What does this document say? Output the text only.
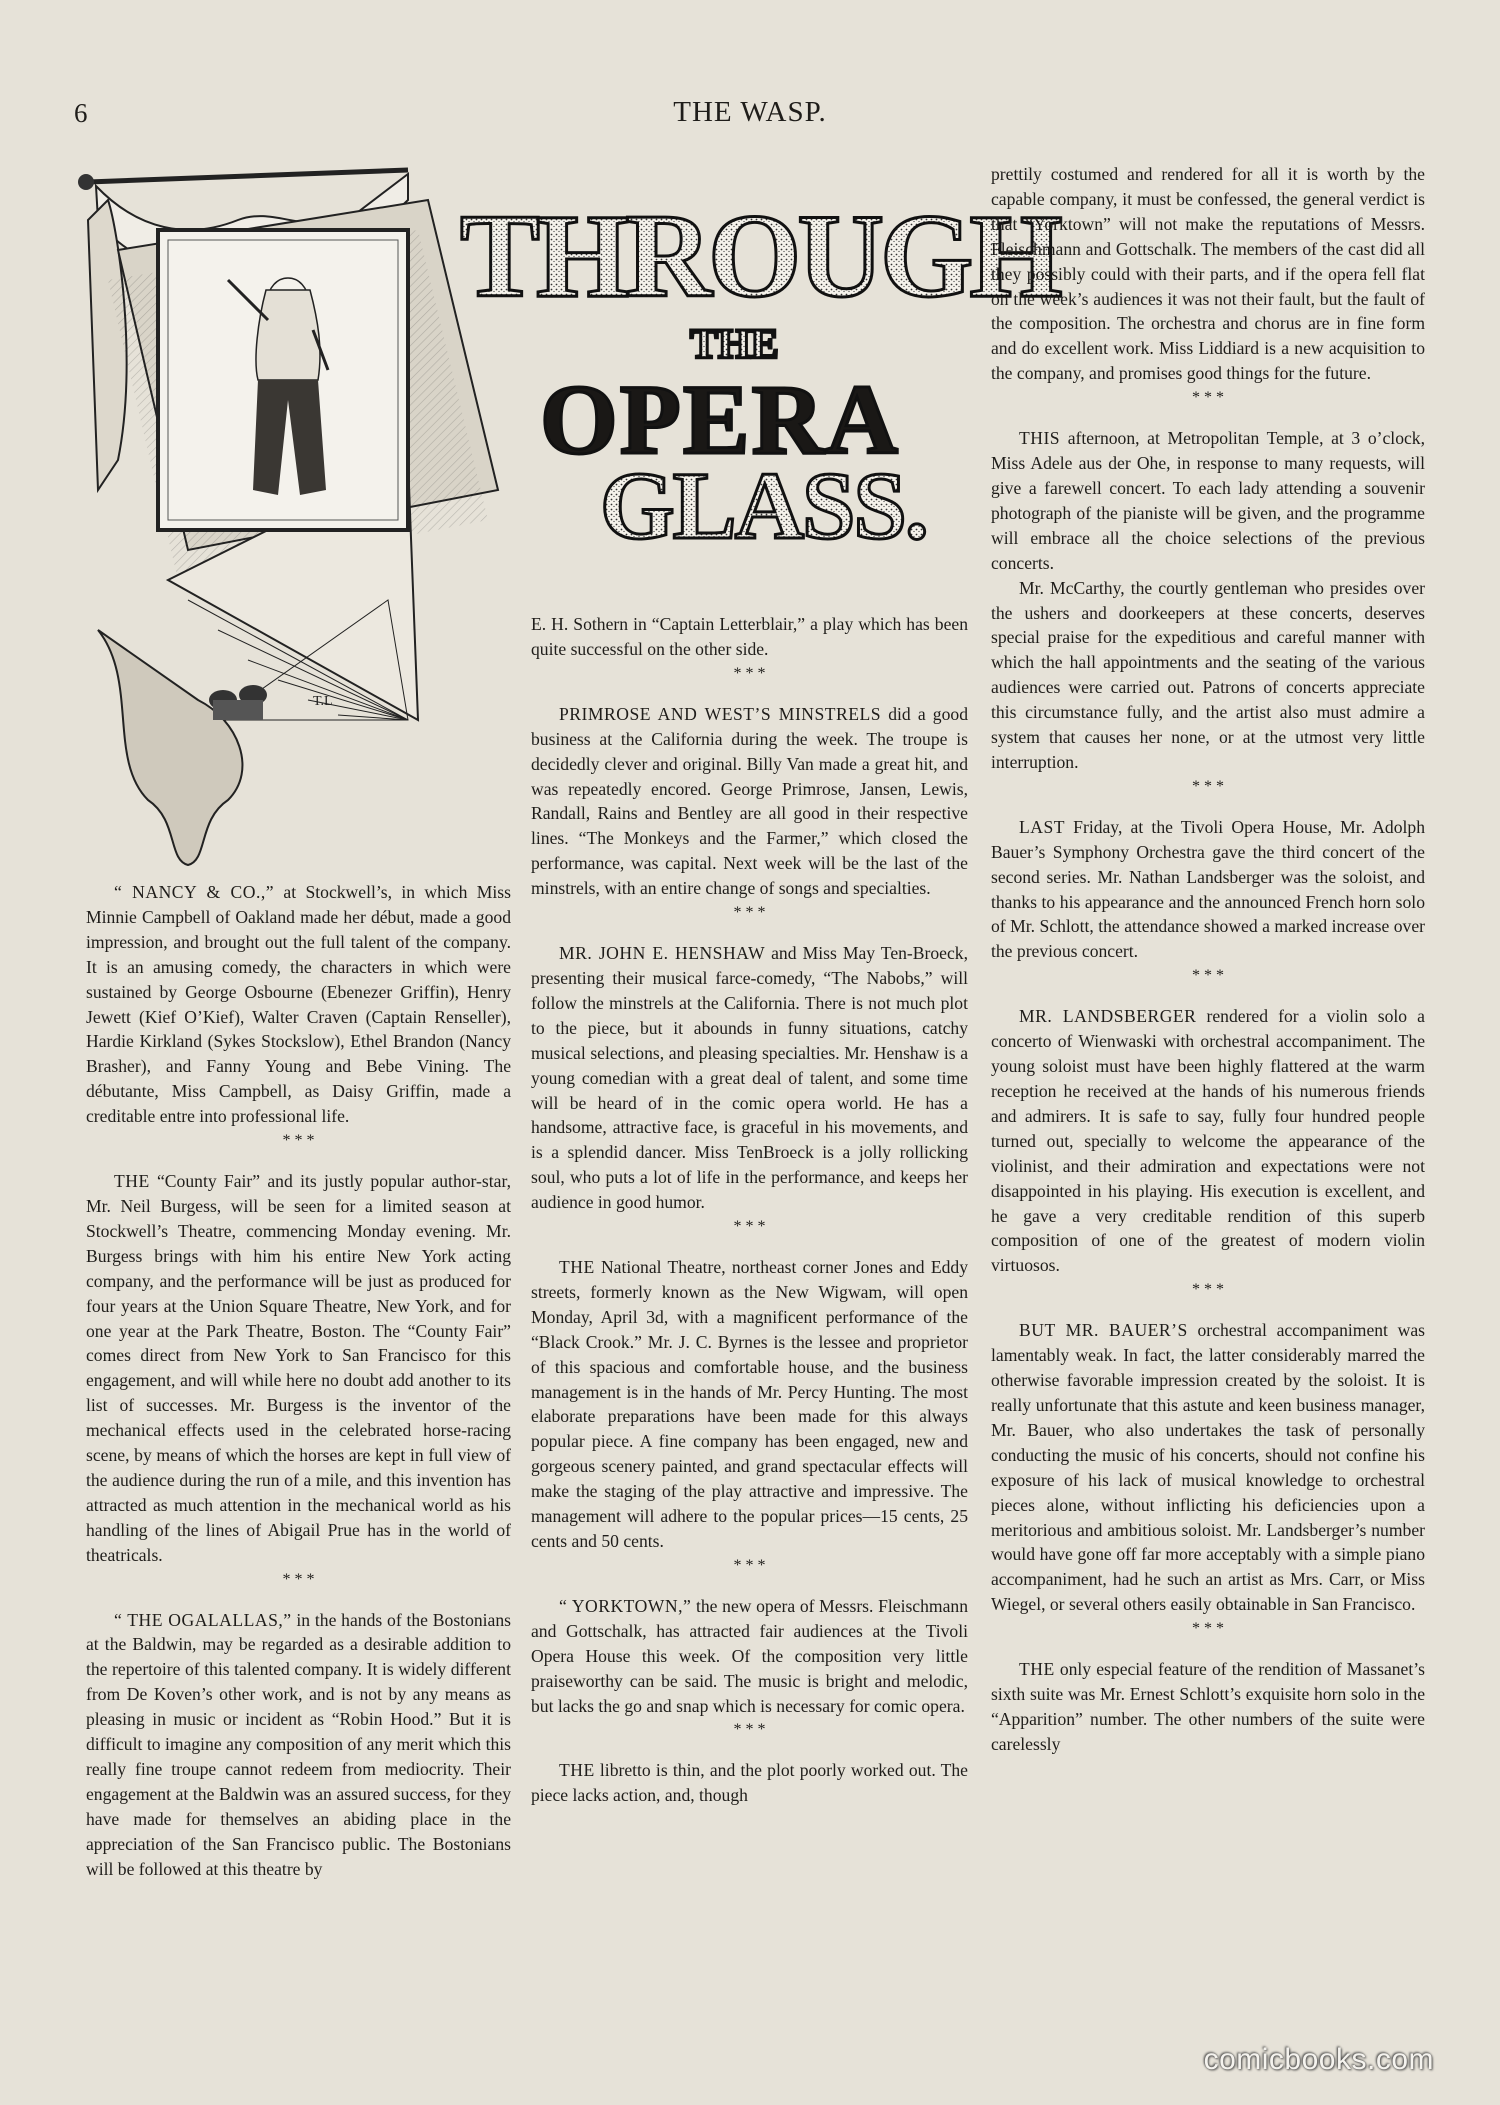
6	THE WASP.
T.L
THROUGH
THE
OPERA
GLASS.

“ NANCY & CO.,” at Stockwell’s, in which Miss Minnie Campbell of Oakland made her début, made a good impression, and brought out the full talent of the company. It is an amusing comedy, the characters in which were sustained by George Osbourne (Ebenezer Griffin), Henry Jewett (Kief O’Kief), Walter Craven (Captain Renseller), Hardie Kirkland (Sykes Stockslow), Ethel Brandon (Nancy Brasher), and Fanny Young and Bebe Vining. The débutante, Miss Campbell, as Daisy Griffin, made a creditable entre into professional life.

* * *

THE “County Fair” and its justly popular author-star, Mr. Neil Burgess, will be seen for a limited season at Stockwell’s Theatre, commencing Monday evening. Mr. Burgess brings with him his entire New York acting company, and the performance will be just as produced for four years at the Union Square Theatre, New York, and for one year at the Park Theatre, Boston. The “County Fair” comes direct from New York to San Francisco for this engagement, and will while here no doubt add another to its list of successes. Mr. Burgess is the inventor of the mechanical effects used in the celebrated horse-racing scene, by means of which the horses are kept in full view of the audience during the run of a mile, and this invention has attracted as much attention in the mechanical world as his handling of the lines of Abigail Prue has in the world of theatricals.

* * *

“ THE OGALALLAS,” in the hands of the Bostonians at the Baldwin, may be regarded as a desirable addition to the repertoire of this talented company. It is widely different from De Koven’s other work, and is not by any means as pleasing in music or incident as “Robin Hood.” But it is difficult to imagine any composition of any merit which this really fine troupe cannot redeem from mediocrity. Their engagement at the Baldwin was an assured success, for they have made for themselves an abiding place in the appreciation of the San Francisco public. The Bostonians will be followed at this theatre by

E. H. Sothern in “Captain Letterblair,” a play which has been quite successful on the other side.

* * *

PRIMROSE AND WEST’S MINSTRELS did a good business at the California during the week. The troupe is decidedly clever and original. Billy Van made a great hit, and was repeatedly encored. George Primrose, Jansen, Lewis, Randall, Rains and Bentley are all good in their respective lines. “The Monkeys and the Farmer,” which closed the performance, was capital. Next week will be the last of the minstrels, with an entire change of songs and specialties.

* * *

MR. JOHN E. HENSHAW and Miss May Ten-Broeck, presenting their musical farce-comedy, “The Nabobs,” will follow the minstrels at the California. There is not much plot to the piece, but it abounds in funny situations, catchy musical selections, and pleasing specialties. Mr. Henshaw is a young comedian with a great deal of talent, and some time will be heard of in the comic opera world. He has a handsome, attractive face, is graceful in his movements, and is a splendid dancer. Miss TenBroeck is a jolly rollicking soul, who puts a lot of life in the performance, and keeps her audience in good humor.

* * *

THE National Theatre, northeast corner Jones and Eddy streets, formerly known as the New Wigwam, will open Monday, April 3d, with a magnificent performance of the “Black Crook.” Mr. J. C. Byrnes is the lessee and proprietor of this spacious and comfortable house, and the business management is in the hands of Mr. Percy Hunting. The most elaborate preparations have been made for this always popular piece. A fine company has been engaged, new and gorgeous scenery painted, and grand spectacular effects will make the staging of the play attractive and impressive. The management will adhere to the popular prices—15 cents, 25 cents and 50 cents.

* * *

“ YORKTOWN,” the new opera of Messrs. Fleischmann and Gottschalk, has attracted fair audiences at the Tivoli Opera House this week. Of the composition very little praiseworthy can be said. The music is bright and melodic, but lacks the go and snap which is necessary for comic opera.

* * *

THE libretto is thin, and the plot poorly worked out. The piece lacks action, and, though

prettily costumed and rendered for all it is worth by the capable company, it must be confessed, the general verdict is that “Yorktown” will not make the reputations of Messrs. Fleischmann and Gottschalk. The members of the cast did all they possibly could with their parts, and if the opera fell flat on the week’s audiences it was not their fault, but the fault of the composition. The orchestra and chorus are in fine form and do excellent work. Miss Liddiard is a new acquisition to the company, and promises good things for the future.

* * *

THIS afternoon, at Metropolitan Temple, at 3 o’clock, Miss Adele aus der Ohe, in response to many requests, will give a farewell concert. To each lady attending a souvenir photograph of the pianiste will be given, and the programme will embrace all the choice selections of the previous concerts.

Mr. McCarthy, the courtly gentleman who presides over the ushers and doorkeepers at these concerts, deserves special praise for the expeditious and careful manner with which the hall appointments and the seating of the various audiences were carried out. Patrons of concerts appreciate this circumstance fully, and the artist also must admire a system that causes her none, or at the utmost very little interruption.

* * *

LAST Friday, at the Tivoli Opera House, Mr. Adolph Bauer’s Symphony Orchestra gave the third concert of the second series. Mr. Nathan Landsberger was the soloist, and thanks to his appearance and the announced French horn solo of Mr. Schlott, the attendance showed a marked increase over the previous concert.

* * *

MR. LANDSBERGER rendered for a violin solo a concerto of Wienwaski with orchestral accompaniment. The young soloist must have been highly flattered at the warm reception he received at the hands of his numerous friends and admirers. It is safe to say, fully four hundred people turned out, specially to welcome the appearance of the violinist, and their admiration and expectations were not disappointed in his playing. His execution is excellent, and he gave a very creditable rendition of this superb composition of one of the greatest of modern violin virtuosos.

* * *

BUT MR. BAUER’S orchestral accompaniment was lamentably weak. In fact, the latter considerably marred the otherwise favorable impression created by the soloist. It is really unfortunate that this astute and keen business manager, Mr. Bauer, who also undertakes the task of personally conducting the music of his concerts, should not confine his exposure of his lack of musical knowledge to orchestral pieces alone, without inflicting his deficiencies upon a meritorious and ambitious soloist. Mr. Landsberger’s number would have gone off far more acceptably with a simple piano accompaniment, had he such an artist as Mrs. Carr, or Miss Wiegel, or several others easily obtainable in San Francisco.

* * *

THE only especial feature of the rendition of Massanet’s sixth suite was Mr. Ernest Schlott’s exquisite horn solo in the “Apparition” number. The other numbers of the suite were carelessly

comicbooks.com
